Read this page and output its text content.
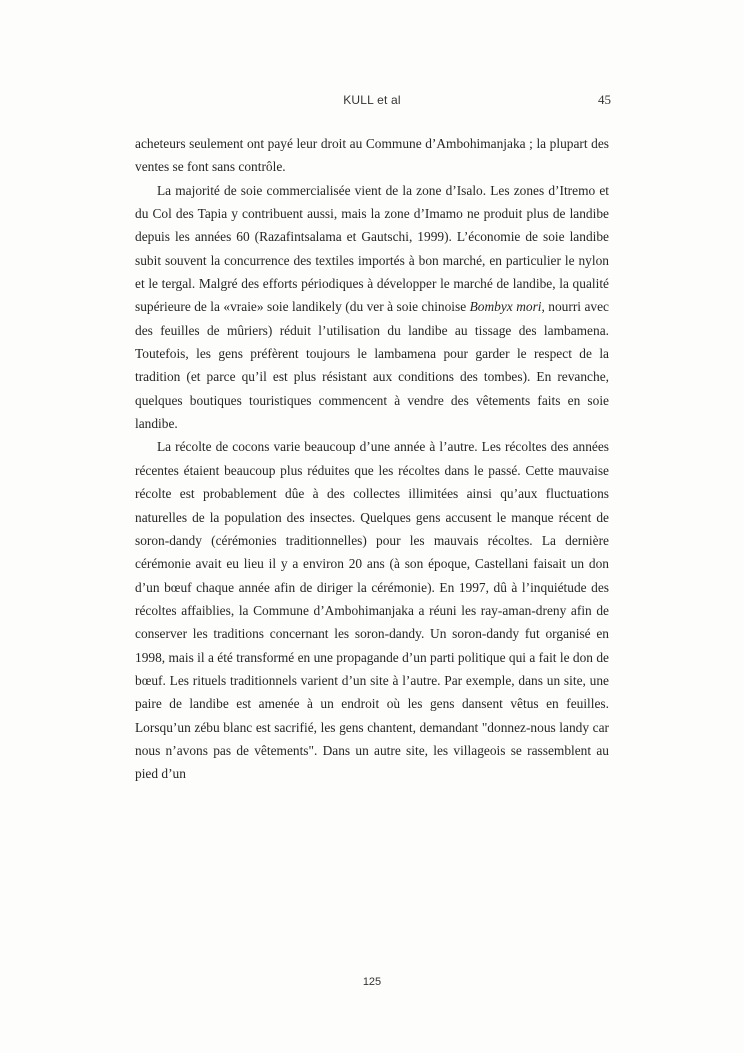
KULL et al	45

acheteurs seulement ont payé leur droit au Commune d’Ambohimanjaka ; la plupart des ventes se font sans contrôle.

La majorité de soie commercialisée vient de la zone d’Isalo. Les zones d’Itremo et du Col des Tapia y contribuent aussi, mais la zone d’Imamo ne produit plus de landibe depuis les années 60 (Razafintsalama et Gautschi, 1999). L’économie de soie landibe subit souvent la concurrence des textiles importés à bon marché, en particulier le nylon et le tergal. Malgré des efforts périodiques à développer le marché de landibe, la qualité supérieure de la «vraie» soie landikely (du ver à soie chinoise Bombyx mori, nourri avec des feuilles de mûriers) réduit l’utilisation du landibe au tissage des lambamena. Toutefois, les gens préfèrent toujours le lambamena pour garder le respect de la tradition (et parce qu’il est plus résistant aux conditions des tombes). En revanche, quelques boutiques touristiques commencent à vendre des vêtements faits en soie landibe.

La récolte de cocons varie beaucoup d’une année à l’autre. Les récoltes des années récentes étaient beaucoup plus réduites que les récoltes dans le passé. Cette mauvaise récolte est probablement dûe à des collectes illimitées ainsi qu’aux fluctuations naturelles de la population des insectes. Quelques gens accusent le manque récent de soron-dandy (cérémonies traditionnelles) pour les mauvais récoltes. La dernière cérémonie avait eu lieu il y a environ 20 ans (à son époque, Castellani faisait un don d’un bœuf chaque année afin de diriger la cérémonie). En 1997, dû à l’inquiétude des récoltes affaiblies, la Commune d’Ambohimanjaka a réuni les ray-aman-dreny afin de conserver les traditions concernant les soron-dandy. Un soron-dandy fut organisé en 1998, mais il a été transformé en une propagande d’un parti politique qui a fait le don de bœuf. Les rituels traditionnels varient d’un site à l’autre. Par exemple, dans un site, une paire de landibe est amenée à un endroit où les gens dansent vêtus en feuilles. Lorsqu’un zébu blanc est sacrifié, les gens chantent, demandant "donnez-nous landy car nous n’avons pas de vêtements". Dans un autre site, les villageois se rassemblent au pied d’un

125
